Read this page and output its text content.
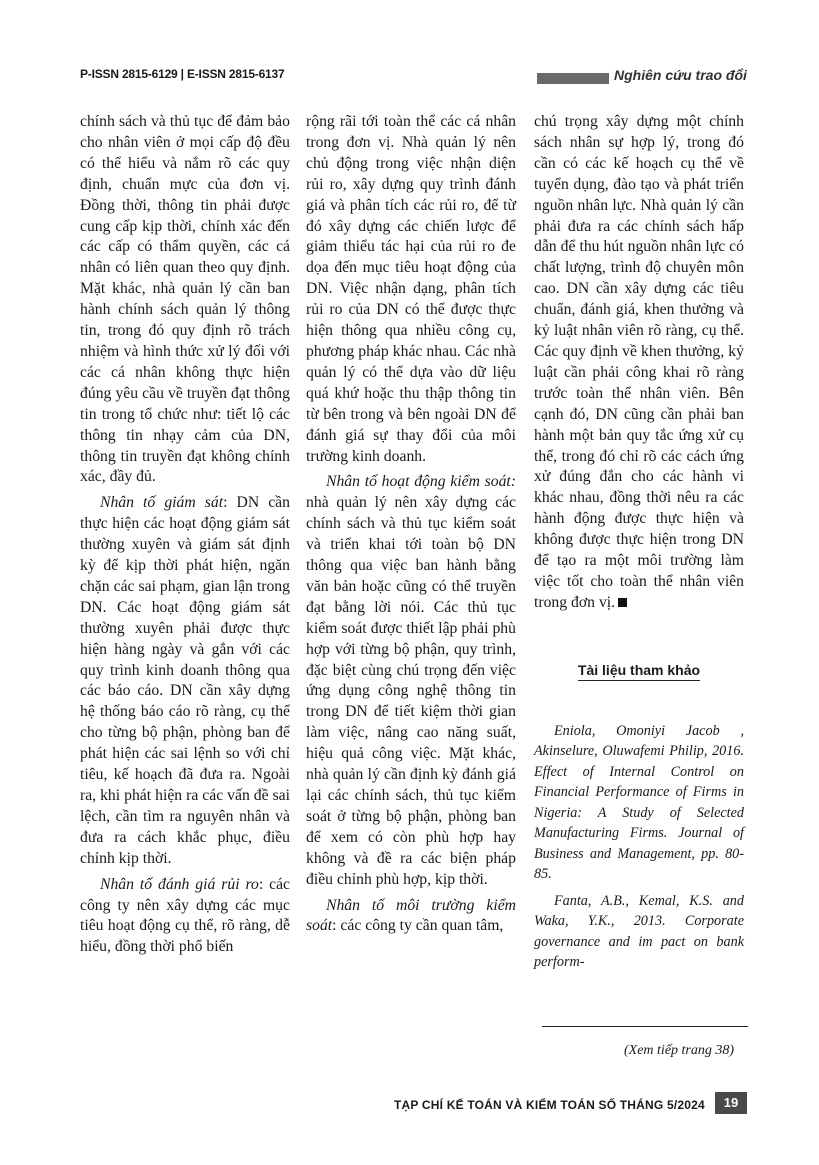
P-ISSN 2815-6129 | E-ISSN 2815-6137	Nghiên cứu trao đổi

chính sách và thủ tục để đảm bảo cho nhân viên ở mọi cấp độ đều có thể hiểu và nắm rõ các quy định, chuẩn mực của đơn vị. Đồng thời, thông tin phải được cung cấp kịp thời, chính xác đến các cấp có thẩm quyền, các cá nhân có liên quan theo quy định. Mặt khác, nhà quản lý cần ban hành chính sách quản lý thông tin, trong đó quy định rõ trách nhiệm và hình thức xử lý đối với các cá nhân không thực hiện đúng yêu cầu về truyền đạt thông tin trong tổ chức như: tiết lộ các thông tin nhạy cảm của DN, thông tin truyền đạt không chính xác, đầy đủ.

Nhân tố giám sát: DN cần thực hiện các hoạt động giám sát thường xuyên và giám sát định kỳ để kịp thời phát hiện, ngăn chặn các sai phạm, gian lận trong DN. Các hoạt động giám sát thường xuyên phải được thực hiện hàng ngày và gắn với các quy trình kinh doanh thông qua các báo cáo. DN cần xây dựng hệ thống báo cáo rõ ràng, cụ thể cho từng bộ phận, phòng ban để phát hiện các sai lệnh so với chỉ tiêu, kế hoạch đã đưa ra. Ngoài ra, khi phát hiện ra các vấn đề sai lệch, cần tìm ra nguyên nhân và đưa ra cách khắc phục, điều chỉnh kịp thời.

Nhân tố đánh giá rủi ro: các công ty nên xây dựng các mục tiêu hoạt động cụ thể, rõ ràng, dễ hiểu, đồng thời phổ biến

rộng rãi tới toàn thể các cá nhân trong đơn vị. Nhà quản lý nên chủ động trong việc nhận diện rủi ro, xây dựng quy trình đánh giá và phân tích các rủi ro, để từ đó xây dựng các chiến lược để giảm thiểu tác hại của rủi ro đe dọa đến mục tiêu hoạt động của DN. Việc nhận dạng, phân tích rủi ro của DN có thể được thực hiện thông qua nhiều công cụ, phương pháp khác nhau. Các nhà quản lý có thể dựa vào dữ liệu quá khứ hoặc thu thập thông tin từ bên trong và bên ngoài DN để đánh giá sự thay đổi của môi trường kinh doanh.

Nhân tố hoạt động kiểm soát: nhà quản lý nên xây dựng các chính sách và thủ tục kiểm soát và triển khai tới toàn bộ DN thông qua việc ban hành bằng văn bản hoặc cũng có thể truyền đạt bằng lời nói. Các thủ tục kiểm soát được thiết lập phải phù hợp với từng bộ phận, quy trình, đặc biệt cùng chú trọng đến việc ứng dụng công nghệ thông tin trong DN để tiết kiệm thời gian làm việc, nâng cao năng suất, hiệu quả công việc. Mặt khác, nhà quản lý cần định kỳ đánh giá lại các chính sách, thủ tục kiểm soát ở từng bộ phận, phòng ban để xem có còn phù hợp hay không và đề ra các biện pháp điều chỉnh phù hợp, kịp thời.

Nhân tố môi trường kiểm soát: các công ty cần quan tâm,

chú trọng xây dựng một chính sách nhân sự hợp lý, trong đó cần có các kế hoạch cụ thể về tuyển dụng, đào tạo và phát triển nguồn nhân lực. Nhà quản lý cần phải đưa ra các chính sách hấp dẫn để thu hút nguồn nhân lực có chất lượng, trình độ chuyên môn cao. DN cần xây dựng các tiêu chuẩn, đánh giá, khen thưởng và kỷ luật nhân viên rõ ràng, cụ thể. Các quy định về khen thưởng, kỷ luật cần phải công khai rõ ràng trước toàn thể nhân viên. Bên cạnh đó, DN cũng cần phải ban hành một bản quy tắc ứng xử cụ thể, trong đó chỉ rõ các cách ứng xử đúng đắn cho các hành vi khác nhau, đồng thời nêu ra các hành động được thực hiện và không được thực hiện trong DN để tạo ra một môi trường làm việc tốt cho toàn thể nhân viên trong đơn vị.

Tài liệu tham khảo

Eniola, Omoniyi Jacob , Akinselure, Oluwafemi Philip, 2016. Effect of Internal Control on Financial Performance of Firms in Nigeria: A Study of Selected Manufacturing Firms. Journal of Business and Management, pp. 80-85.

Fanta, A.B., Kemal, K.S. and Waka, Y.K., 2013. Corporate governance and im pact on bank perform-

(Xem tiếp trang 38)
TẠP CHÍ KẾ TOÁN VÀ KIỂM TOÁN SỐ THÁNG 5/2024	19
